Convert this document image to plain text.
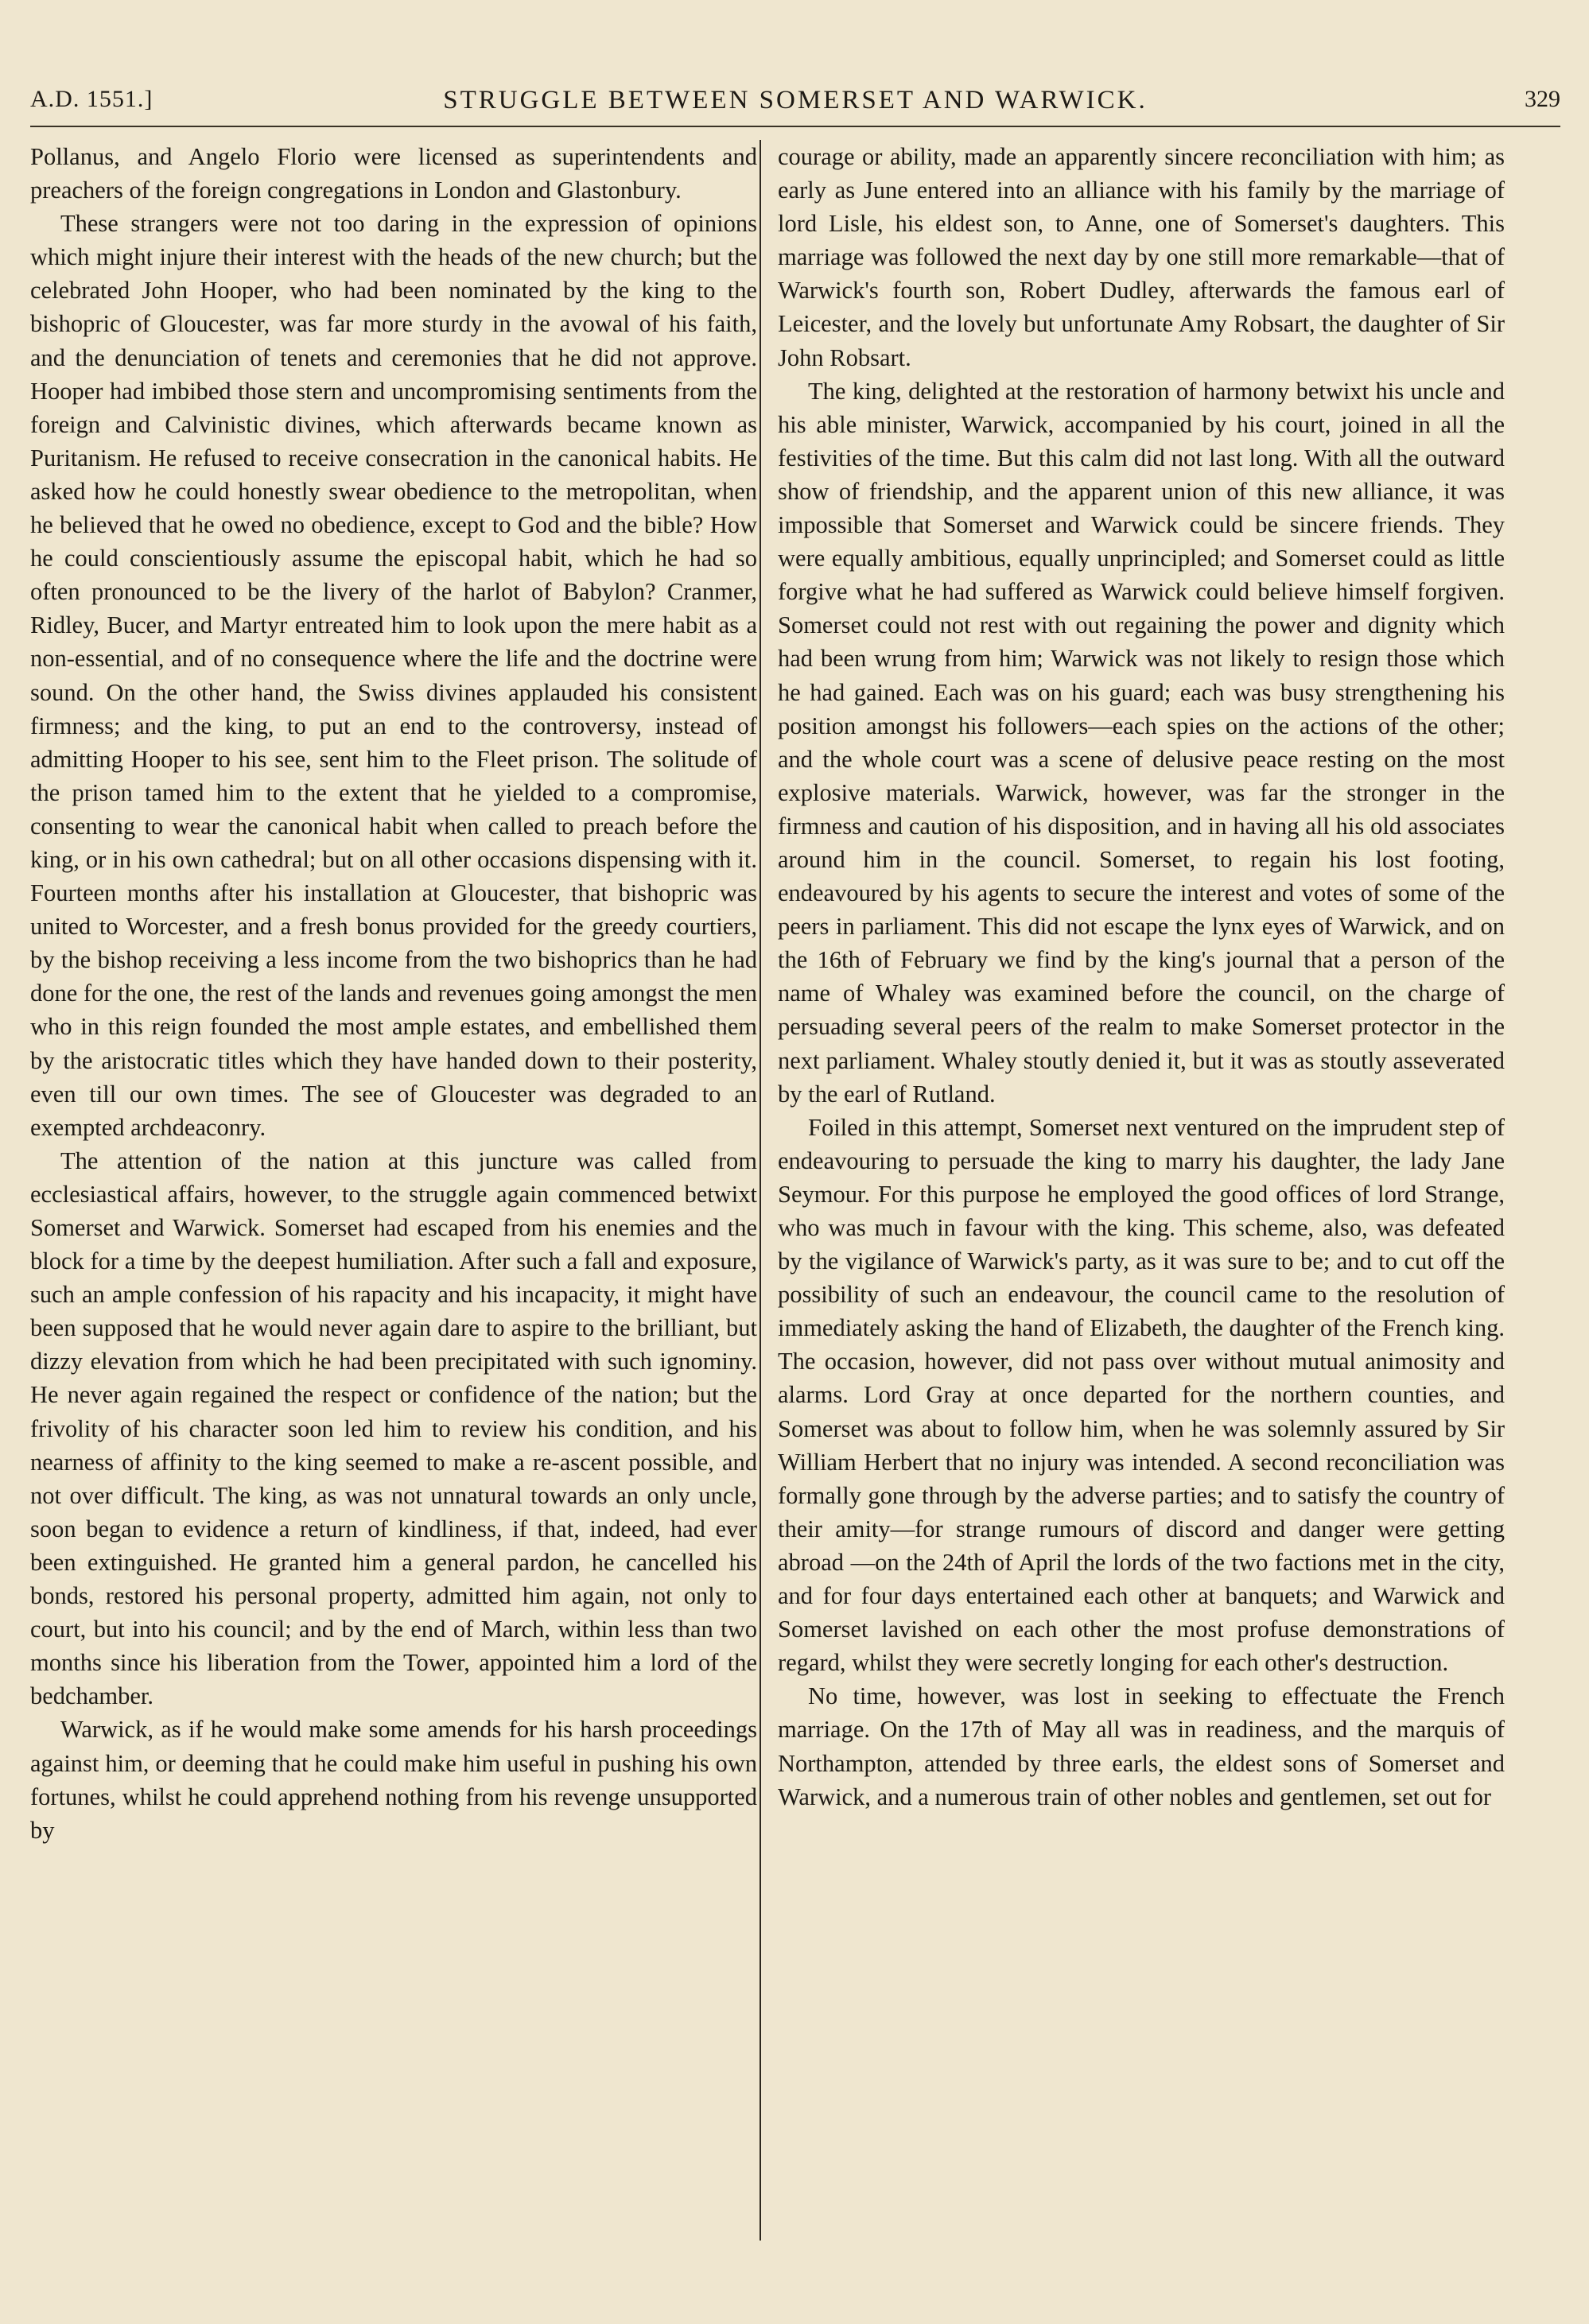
A.D. 1551.]	STRUGGLE BETWEEN SOMERSET AND WARWICK.	329

Pollanus, and Angelo Florio were licensed as superintendents and preachers of the foreign congregations in London and Glastonbury.

These strangers were not too daring in the expression of opinions which might injure their interest with the heads of the new church; but the celebrated John Hooper, who had been nominated by the king to the bishopric of Gloucester, was far more sturdy in the avowal of his faith, and the denunciation of tenets and ceremonies that he did not approve. Hooper had imbibed those stern and uncompromising sentiments from the foreign and Calvinistic divines, which afterwards became known as Puritanism. He refused to receive consecration in the canonical habits. He asked how he could honestly swear obedience to the metropolitan, when he believed that he owed no obedience, except to God and the bible? How he could conscientiously assume the episcopal habit, which he had so often pronounced to be the livery of the harlot of Babylon? Cranmer, Ridley, Bucer, and Martyr entreated him to look upon the mere habit as a non-essential, and of no consequence where the life and the doctrine were sound. On the other hand, the Swiss divines applauded his consistent firmness; and the king, to put an end to the controversy, instead of admitting Hooper to his see, sent him to the Fleet prison. The solitude of the prison tamed him to the extent that he yielded to a compromise, consenting to wear the canonical habit when called to preach before the king, or in his own cathedral; but on all other occasions dispensing with it. Fourteen months after his installation at Gloucester, that bishopric was united to Worcester, and a fresh bonus provided for the greedy courtiers, by the bishop receiving a less income from the two bishoprics than he had done for the one, the rest of the lands and revenues going amongst the men who in this reign founded the most ample estates, and embellished them by the aristocratic titles which they have handed down to their posterity, even till our own times. The see of Gloucester was degraded to an exempted archdeaconry.

The attention of the nation at this juncture was called from ecclesiastical affairs, however, to the struggle again commenced betwixt Somerset and Warwick. Somerset had escaped from his enemies and the block for a time by the deepest humiliation. After such a fall and exposure, such an ample confession of his rapacity and his incapacity, it might have been supposed that he would never again dare to aspire to the brilliant, but dizzy elevation from which he had been precipitated with such ignominy. He never again regained the respect or confidence of the nation; but the frivolity of his character soon led him to review his condition, and his nearness of affinity to the king seemed to make a re-ascent possible, and not over difficult. The king, as was not unnatural towards an only uncle, soon began to evidence a return of kindliness, if that, indeed, had ever been extinguished. He granted him a general pardon, he cancelled his bonds, restored his personal property, admitted him again, not only to court, but into his council; and by the end of March, within less than two months since his liberation from the Tower, appointed him a lord of the bedchamber.

Warwick, as if he would make some amends for his harsh proceedings against him, or deeming that he could make him useful in pushing his own fortunes, whilst he could apprehend nothing from his revenge unsupported by

courage or ability, made an apparently sincere reconciliation with him; as early as June entered into an alliance with his family by the marriage of lord Lisle, his eldest son, to Anne, one of Somerset's daughters. This marriage was followed the next day by one still more remarkable—that of Warwick's fourth son, Robert Dudley, afterwards the famous earl of Leicester, and the lovely but unfortunate Amy Robsart, the daughter of Sir John Robsart.

The king, delighted at the restoration of harmony betwixt his uncle and his able minister, Warwick, accompanied by his court, joined in all the festivities of the time. But this calm did not last long. With all the outward show of friendship, and the apparent union of this new alliance, it was impossible that Somerset and Warwick could be sincere friends. They were equally ambitious, equally unprincipled; and Somerset could as little forgive what he had suffered as Warwick could believe himself forgiven. Somerset could not rest with out regaining the power and dignity which had been wrung from him; Warwick was not likely to resign those which he had gained. Each was on his guard; each was busy strengthening his position amongst his followers—each spies on the actions of the other; and the whole court was a scene of delusive peace resting on the most explosive materials. Warwick, however, was far the stronger in the firmness and caution of his disposition, and in having all his old associates around him in the council. Somerset, to regain his lost footing, endeavoured by his agents to secure the interest and votes of some of the peers in parliament. This did not escape the lynx eyes of Warwick, and on the 16th of February we find by the king's journal that a person of the name of Whaley was examined before the council, on the charge of persuading several peers of the realm to make Somerset protector in the next parliament. Whaley stoutly denied it, but it was as stoutly asseverated by the earl of Rutland.

Foiled in this attempt, Somerset next ventured on the imprudent step of endeavouring to persuade the king to marry his daughter, the lady Jane Seymour. For this purpose he employed the good offices of lord Strange, who was much in favour with the king. This scheme, also, was defeated by the vigilance of Warwick's party, as it was sure to be; and to cut off the possibility of such an endeavour, the council came to the resolution of immediately asking the hand of Elizabeth, the daughter of the French king. The occasion, however, did not pass over without mutual animosity and alarms. Lord Gray at once departed for the northern counties, and Somerset was about to follow him, when he was solemnly assured by Sir William Herbert that no injury was intended. A second reconciliation was formally gone through by the adverse parties; and to satisfy the country of their amity—for strange rumours of discord and danger were getting abroad —on the 24th of April the lords of the two factions met in the city, and for four days entertained each other at banquets; and Warwick and Somerset lavished on each other the most profuse demonstrations of regard, whilst they were secretly longing for each other's destruction.

No time, however, was lost in seeking to effectuate the French marriage. On the 17th of May all was in readiness, and the marquis of Northampton, attended by three earls, the eldest sons of Somerset and Warwick, and a numerous train of other nobles and gentlemen, set out for
